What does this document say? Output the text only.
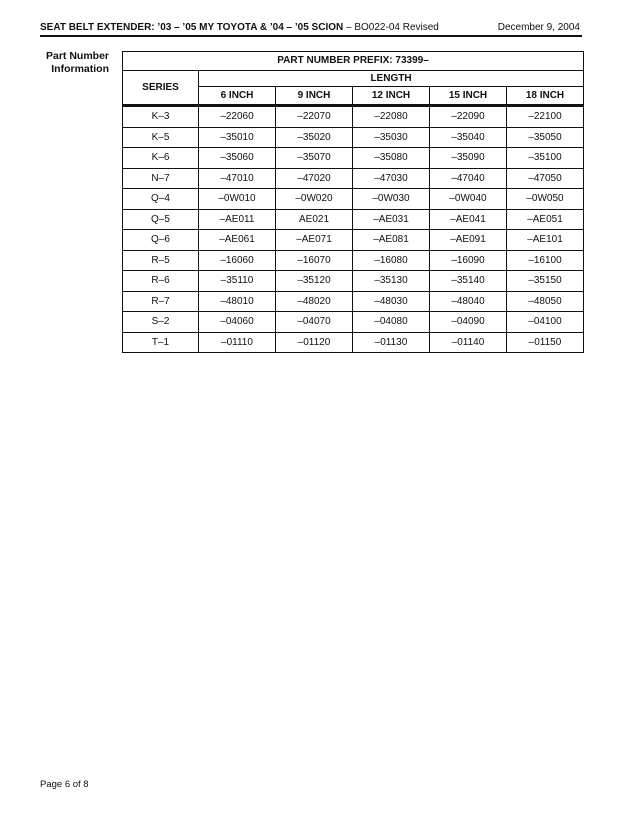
SEAT BELT EXTENDER: ’03 – ’05 MY TOYOTA & ’04 – ’05 SCION – BO022-04 Revised	December 9, 2004
Part Number
Information
PART NUMBER PREFIX: 73399–					
SERIES	LENGTH				
	6 INCH	9 INCH	12 INCH	15 INCH	18 INCH
K–3	–22060	–22070	–22080	–22090	–22100
K–5	–35010	–35020	–35030	–35040	–35050
K–6	–35060	–35070	–35080	–35090	–35100
N–7	–47010	–47020	–47030	–47040	–47050
Q–4	–0W010	–0W020	–0W030	–0W040	–0W050
Q–5	–AE011	AE021	–AE031	–AE041	–AE051
Q–6	–AE061	–AE071	–AE081	–AE091	–AE101
R–5	–16060	–16070	–16080	–16090	–16100
R–6	–35110	–35120	–35130	–35140	–35150
R–7	–48010	–48020	–48030	–48040	–48050
S–2	–04060	–04070	–04080	–04090	–04100
T–1	–01110	–01120	–01130	–01140	–01150
Page 6 of 8
